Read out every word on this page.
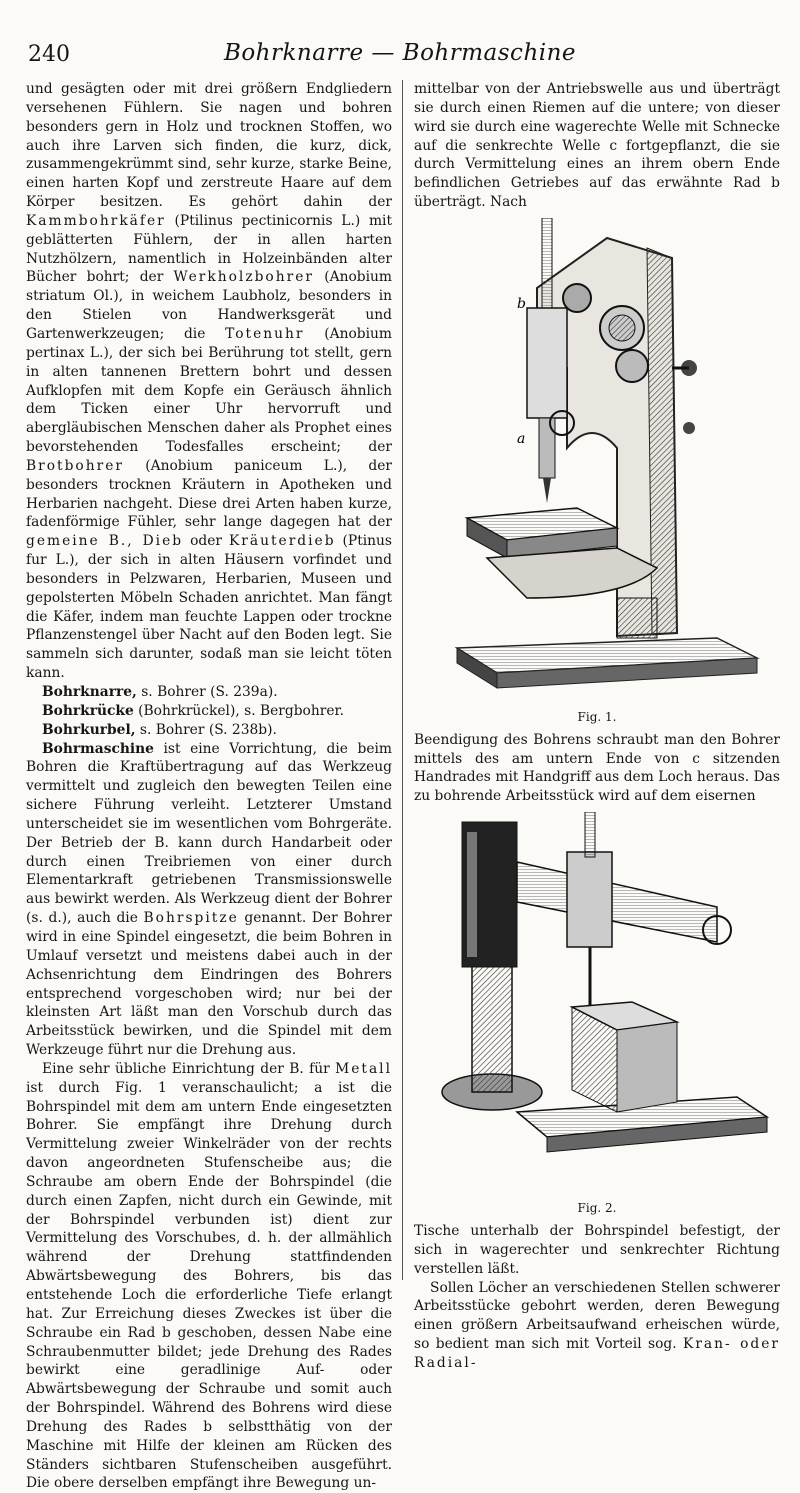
240	Bohrknarre — Bohrmaschine

und gesägten oder mit drei größern Endgliedern versehenen Fühlern. Sie nagen und bohren besonders gern in Holz und trocknen Stoffen, wo auch ihre Larven sich finden, die kurz, dick, zusammengekrümmt sind, sehr kurze, starke Beine, einen harten Kopf und zerstreute Haare auf dem Körper besitzen. Es gehört dahin der Kammbohrkäfer (Ptilinus pectinicornis L.) mit geblätterten Fühlern, der in allen harten Nutzhölzern, namentlich in Holzeinbänden alter Bücher bohrt; der Werkholzbohrer (Anobium striatum Ol.), in weichem Laubholz, besonders in den Stielen von Handwerksgerät und Gartenwerkzeugen; die Totenuhr (Anobium pertinax L.), der sich bei Berührung tot stellt, gern in alten tannenen Brettern bohrt und dessen Aufklopfen mit dem Kopfe ein Geräusch ähnlich dem Ticken einer Uhr hervorruft und abergläubischen Menschen daher als Prophet eines bevorstehenden Todesfalles erscheint; der Brotbohrer (Anobium paniceum L.), der besonders trocknen Kräutern in Apotheken und Herbarien nachgeht. Diese drei Arten haben kurze, fadenförmige Fühler, sehr lange dagegen hat der gemeine B., Dieb oder Kräuterdieb (Ptinus fur L.), der sich in alten Häusern vorfindet und besonders in Pelzwaren, Herbarien, Museen und gepolsterten Möbeln Schaden anrichtet. Man fängt die Käfer, indem man feuchte Lappen oder trockne Pflanzenstengel über Nacht auf den Boden legt. Sie sammeln sich darunter, sodaß man sie leicht töten kann.

Bohrknarre, s. Bohrer (S. 239a).

Bohrkrücke (Bohrkrückel), s. Bergbohrer.

Bohrkurbel, s. Bohrer (S. 238b).

Bohrmaschine ist eine Vorrichtung, die beim Bohren die Kraftübertragung auf das Werkzeug vermittelt und zugleich den bewegten Teilen eine sichere Führung verleiht. Letzterer Umstand unterscheidet sie im wesentlichen vom Bohrgeräte. Der Betrieb der B. kann durch Handarbeit oder durch einen Treibriemen von einer durch Elementarkraft getriebenen Transmissionswelle aus bewirkt werden. Als Werkzeug dient der Bohrer (s. d.), auch die Bohrspitze genannt. Der Bohrer wird in eine Spindel eingesetzt, die beim Bohren in Umlauf versetzt und meistens dabei auch in der Achsenrichtung dem Eindringen des Bohrers entsprechend vorgeschoben wird; nur bei der kleinsten Art läßt man den Vorschub durch das Arbeitsstück bewirken, und die Spindel mit dem Werkzeuge führt nur die Drehung aus.

Eine sehr übliche Einrichtung der B. für Metall ist durch Fig. 1 veranschaulicht; a ist die Bohrspindel mit dem am untern Ende eingesetzten Bohrer. Sie empfängt ihre Drehung durch Vermittelung zweier Winkelräder von der rechts davon angeordneten Stufenscheibe aus; die Schraube am obern Ende der Bohrspindel (die durch einen Zapfen, nicht durch ein Gewinde, mit der Bohrspindel verbunden ist) dient zur Vermittelung des Vorschubes, d. h. der allmählich während der Drehung stattfindenden Abwärtsbewegung des Bohrers, bis das entstehende Loch die erforderliche Tiefe erlangt hat. Zur Erreichung dieses Zweckes ist über die Schraube ein Rad b geschoben, dessen Nabe eine Schraubenmutter bildet; jede Drehung des Rades bewirkt eine geradlinige Auf- oder Abwärtsbewegung der Schraube und somit auch der Bohrspindel. Während des Bohrens wird diese Drehung des Rades b selbstthätig von der Maschine mit Hilfe der kleinen am Rücken des Ständers sichtbaren Stufenscheiben ausgeführt. Die obere derselben empfängt ihre Bewegung un-

mittelbar von der Antriebswelle aus und überträgt sie durch einen Riemen auf die untere; von dieser wird sie durch eine wagerechte Welle mit Schnecke auf die senkrechte Welle c fortgepflanzt, die sie durch Vermittelung eines an ihrem obern Ende befindlichen Getriebes auf das erwähnte Rad b überträgt. Nach

b
a
Fig. 1.

Beendigung des Bohrens schraubt man den Bohrer mittels des am untern Ende von c sitzenden Handrades mit Handgriff aus dem Loch heraus. Das zu bohrende Arbeitsstück wird auf dem eisernen

Fig. 2.

Tische unterhalb der Bohrspindel befestigt, der sich in wagerechter und senkrechter Richtung verstellen läßt.

Sollen Löcher an verschiedenen Stellen schwerer Arbeitsstücke gebohrt werden, deren Bewegung einen größern Arbeitsaufwand erheischen würde, so bedient man sich mit Vorteil sog. Kran- oder Radial-
